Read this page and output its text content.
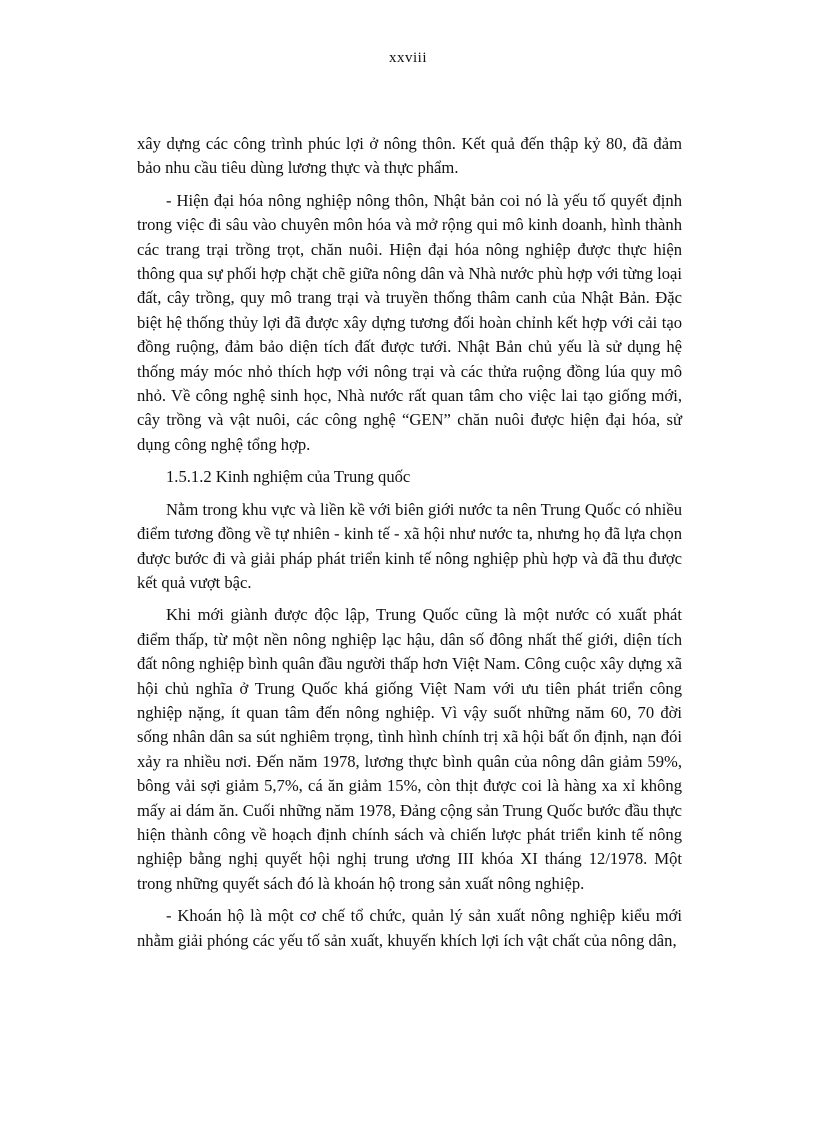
xxviii

xây dựng các công trình phúc lợi ở nông thôn. Kết quả đến thập kỷ 80, đã đảm bảo nhu cầu tiêu dùng lương thực và thực phẩm.

- Hiện đại hóa nông nghiệp nông thôn, Nhật bản coi nó là yếu tố quyết định trong việc đi sâu vào chuyên môn hóa và mở rộng qui mô kinh doanh, hình thành các trang trại trồng trọt, chăn nuôi. Hiện đại hóa nông nghiệp được thực hiện thông qua sự phối hợp chặt chẽ giữa nông dân và Nhà nước phù hợp với từng loại đất, cây trồng, quy mô trang trại và truyền thống thâm canh của Nhật Bản. Đặc biệt hệ thống thủy lợi đã được xây dựng tương đối hoàn chỉnh kết hợp với cải tạo đồng ruộng, đảm bảo diện tích đất được tưới. Nhật Bản chủ yếu là sử dụng hệ thống máy móc nhỏ thích hợp với nông trại và các thửa ruộng đồng lúa quy mô nhỏ. Về công nghệ sinh học, Nhà nước rất quan tâm cho việc lai tạo giống mới, cây trồng và vật nuôi, các công nghệ “GEN” chăn nuôi được hiện đại hóa, sử dụng công nghệ tổng hợp.

1.5.1.2 Kinh nghiệm của Trung quốc

Nằm trong khu vực và liền kề với biên giới nước ta nên Trung Quốc có nhiều điểm tương đồng về tự nhiên - kinh tế - xã hội như nước ta, nhưng họ đã lựa chọn được bước đi và giải pháp phát triển kinh tế nông nghiệp phù hợp và đã thu được kết quả vượt bậc.

Khi mới giành được độc lập, Trung Quốc cũng là một nước có xuất phát điểm thấp, từ một nền nông nghiệp lạc hậu, dân số đông nhất thế giới, diện tích đất nông nghiệp bình quân đầu người thấp hơn Việt Nam. Công cuộc xây dựng xã hội chủ nghĩa ở Trung Quốc khá giống Việt Nam với ưu tiên phát triển công nghiệp nặng, ít quan tâm đến nông nghiệp. Vì vậy suốt những năm 60, 70 đời sống nhân dân sa sút nghiêm trọng, tình hình chính trị xã hội bất ổn định, nạn đói xảy ra nhiều nơi. Đến năm 1978, lương thực bình quân của nông dân giảm 59%, bông vải sợi giảm 5,7%, cá ăn giảm 15%, còn thịt được coi là hàng xa xỉ không mấy ai dám ăn. Cuối những năm 1978, Đảng cộng sản Trung Quốc bước đầu thực hiện thành công về hoạch định chính sách và chiến lược phát triển kinh tế nông nghiệp bằng nghị quyết hội nghị trung ương III khóa XI tháng 12/1978. Một trong những quyết sách đó là khoán hộ trong sản xuất nông nghiệp.

- Khoán hộ là một cơ chế tổ chức, quản lý sản xuất nông nghiệp kiểu mới nhằm giải phóng các yếu tố sản xuất, khuyến khích lợi ích vật chất của nông dân,
